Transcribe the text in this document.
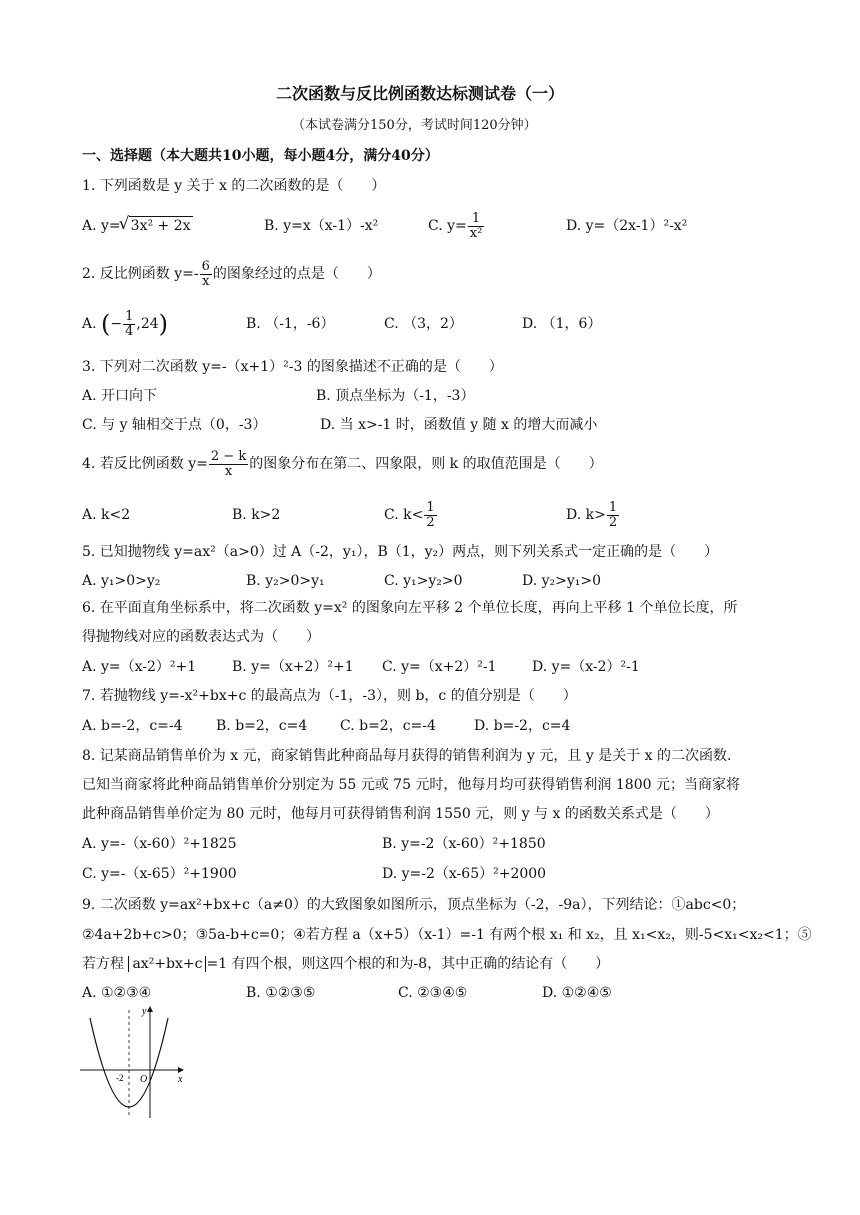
二次函数与反比例函数达标测试卷（一）
（本试卷满分150分，考试时间120分钟）
一、选择题（本大题共10小题，每小题4分，满分40分）
1. 下列函数是 y 关于 x 的二次函数的是（　　）
A. y=√ 3x² + 2x	B. y=x（x-1）-x²	C. $y= \frac{1}{\text{x²}}$	D. y=（2x-1）²-x²
2. 反比例函数 $y=- \frac{6}{x}$ 的图象经过的点是（　　）
A. (− $\frac{1}{4} ,24$)	B. （-1，-6）	C. （3，2）	D. （1，6）
3. 下列对二次函数 y=-（x+1）²-3 的图象描述不正确的是（　　）
A. 开口向下	B. 顶点坐标为（-1，-3）
C. 与 y 轴相交于点（0，-3）	D. 当 x>-1 时，函数值 y 随 x 的增大而减小
4. 若反比例函数 $y= \frac{2 - k}{x}$ 的图象分布在第二、四象限，则 k 的取值范围是（　　）
A. k<2	B. k>2	C. $k< \frac{1}{2}$	D. $k> \frac{1}{2}$
5. 已知抛物线 y=ax²（a>0）过 A（-2，y₁），B（1，y₂）两点，则下列关系式一定正确的是（　　）
A. y₁>0>y₂	B. y₂>0>y₁	C. y₁>y₂>0	D. y₂>y₁>0
6. 在平面直角坐标系中，将二次函数 y=x² 的图象向左平移 2 个单位长度，再向上平移 1 个单位长度，所
得抛物线对应的函数表达式为（　　）
A. y=（x-2）²+1	B. y=（x+2）²+1 C. y=（x+2）²-1	D. y=（x-2）²-1
7. 若抛物线 y=-x²+bx+c 的最高点为（-1，-3），则 b，c 的值分别是（　　）
A. b=-2，c=-4 B. b=2，c=4 C. b=2，c=-4	D. b=-2，c=4
8. 记某商品销售单价为 x 元，商家销售此种商品每月获得的销售利润为 y 元，且 y 是关于 x 的二次函数.
已知当商家将此种商品销售单价分别定为 55 元或 75 元时，他每月均可获得销售利润 1800 元；当商家将
此种商品销售单价定为 80 元时，他每月可获得销售利润 1550 元，则 y 与 x 的函数关系式是（　　）
A. y=-（x-60）²+1825	B. y=-2（x-60）²+1850
C. y=-（x-65）²+1900	D. y=-2（x-65）²+2000
9. 二次函数 y=ax²+bx+c（a≠0）的大致图象如图所示，顶点坐标为（-2，-9a），下列结论：①abc<0；
②4a+2b+c>0；③5a-b+c=0；④若方程 a（x+5）（x-1）=-1 有两个根 x₁ 和 x₂，且 x₁<x₂，则-5<x₁<x₂<1；⑤
若方程 ax²+bx+c =1 有四个根，则这四个根的和为-8，其中正确的结论有（　　）
A. ①②③④	B. ①②③⑤	C. ②③④⑤	D. ①②④⑤
y
x
O
-2
